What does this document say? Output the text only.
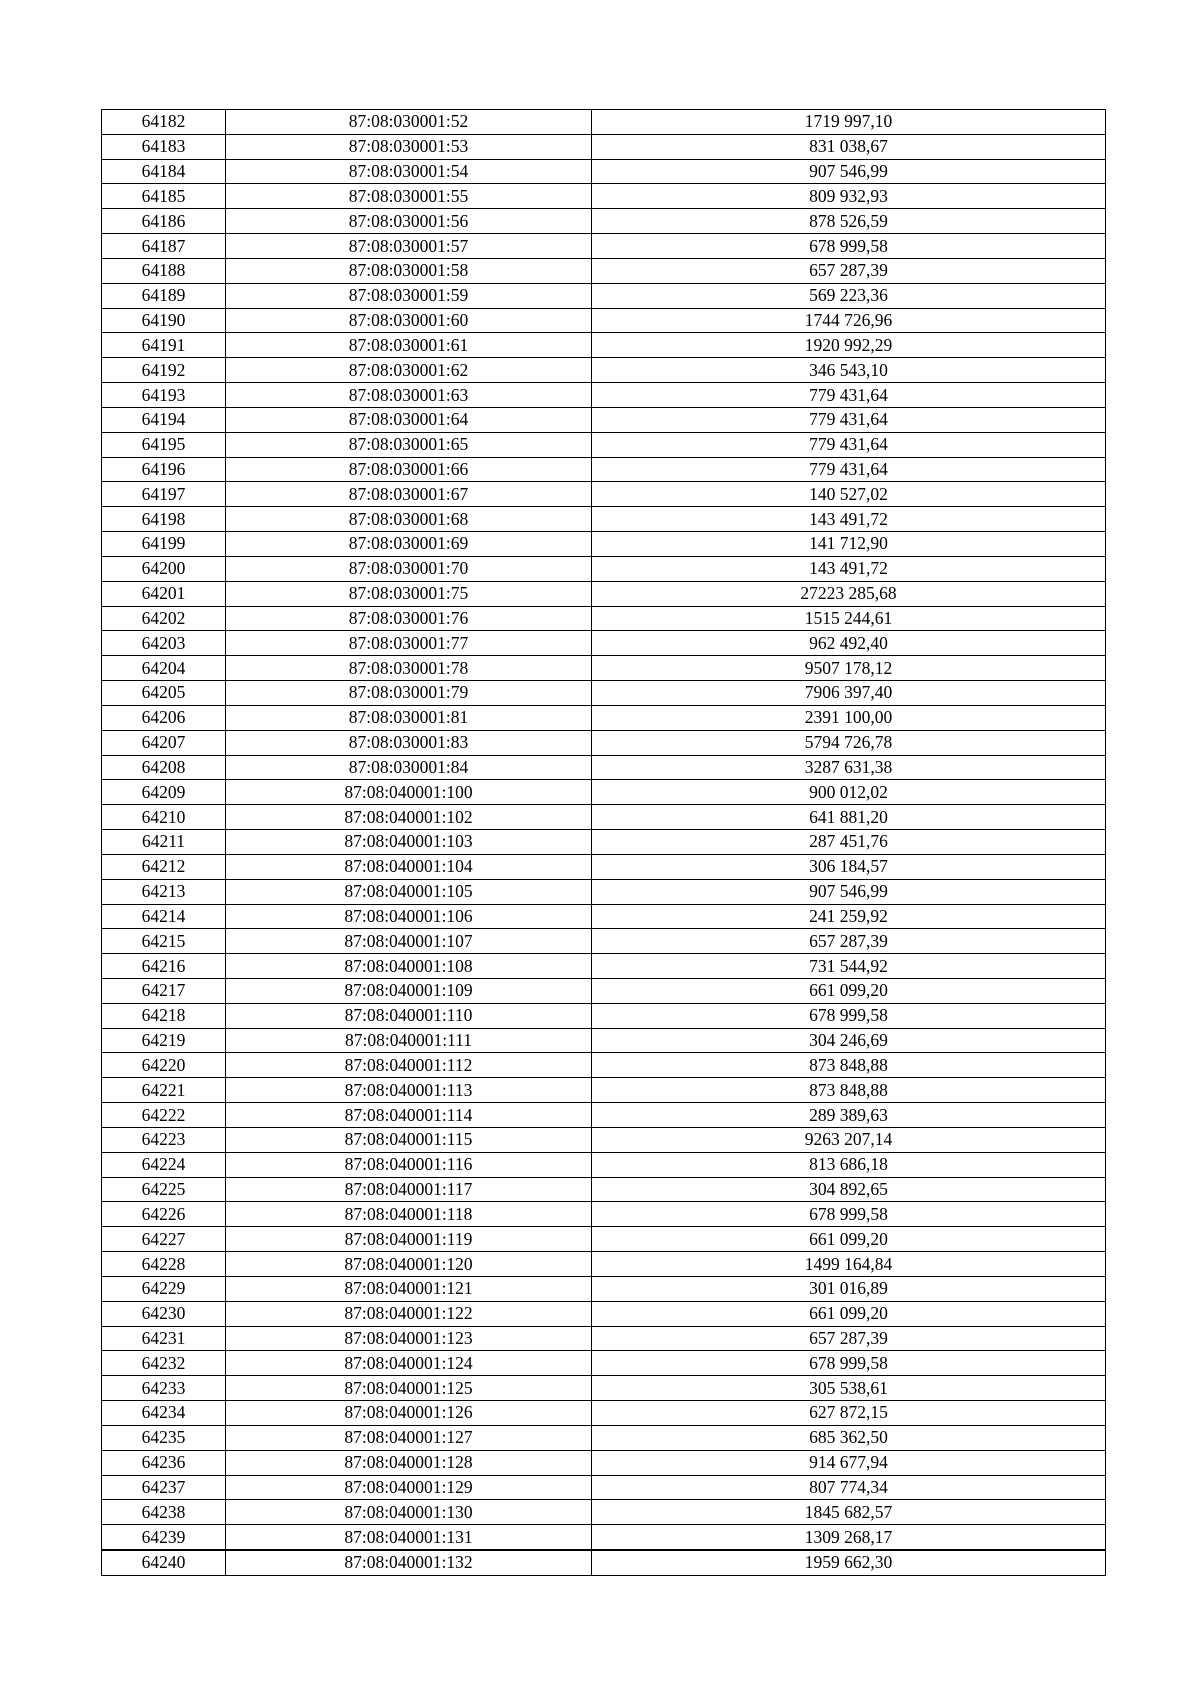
64182	87:08:030001:52	1719 997,10
64183	87:08:030001:53	831 038,67
64184	87:08:030001:54	907 546,99
64185	87:08:030001:55	809 932,93
64186	87:08:030001:56	878 526,59
64187	87:08:030001:57	678 999,58
64188	87:08:030001:58	657 287,39
64189	87:08:030001:59	569 223,36
64190	87:08:030001:60	1744 726,96
64191	87:08:030001:61	1920 992,29
64192	87:08:030001:62	346 543,10
64193	87:08:030001:63	779 431,64
64194	87:08:030001:64	779 431,64
64195	87:08:030001:65	779 431,64
64196	87:08:030001:66	779 431,64
64197	87:08:030001:67	140 527,02
64198	87:08:030001:68	143 491,72
64199	87:08:030001:69	141 712,90
64200	87:08:030001:70	143 491,72
64201	87:08:030001:75	27223 285,68
64202	87:08:030001:76	1515 244,61
64203	87:08:030001:77	962 492,40
64204	87:08:030001:78	9507 178,12
64205	87:08:030001:79	7906 397,40
64206	87:08:030001:81	2391 100,00
64207	87:08:030001:83	5794 726,78
64208	87:08:030001:84	3287 631,38
64209	87:08:040001:100	900 012,02
64210	87:08:040001:102	641 881,20
64211	87:08:040001:103	287 451,76
64212	87:08:040001:104	306 184,57
64213	87:08:040001:105	907 546,99
64214	87:08:040001:106	241 259,92
64215	87:08:040001:107	657 287,39
64216	87:08:040001:108	731 544,92
64217	87:08:040001:109	661 099,20
64218	87:08:040001:110	678 999,58
64219	87:08:040001:111	304 246,69
64220	87:08:040001:112	873 848,88
64221	87:08:040001:113	873 848,88
64222	87:08:040001:114	289 389,63
64223	87:08:040001:115	9263 207,14
64224	87:08:040001:116	813 686,18
64225	87:08:040001:117	304 892,65
64226	87:08:040001:118	678 999,58
64227	87:08:040001:119	661 099,20
64228	87:08:040001:120	1499 164,84
64229	87:08:040001:121	301 016,89
64230	87:08:040001:122	661 099,20
64231	87:08:040001:123	657 287,39
64232	87:08:040001:124	678 999,58
64233	87:08:040001:125	305 538,61
64234	87:08:040001:126	627 872,15
64235	87:08:040001:127	685 362,50
64236	87:08:040001:128	914 677,94
64237	87:08:040001:129	807 774,34
64238	87:08:040001:130	1845 682,57
64239	87:08:040001:131	1309 268,17
64240	87:08:040001:132	1959 662,30
